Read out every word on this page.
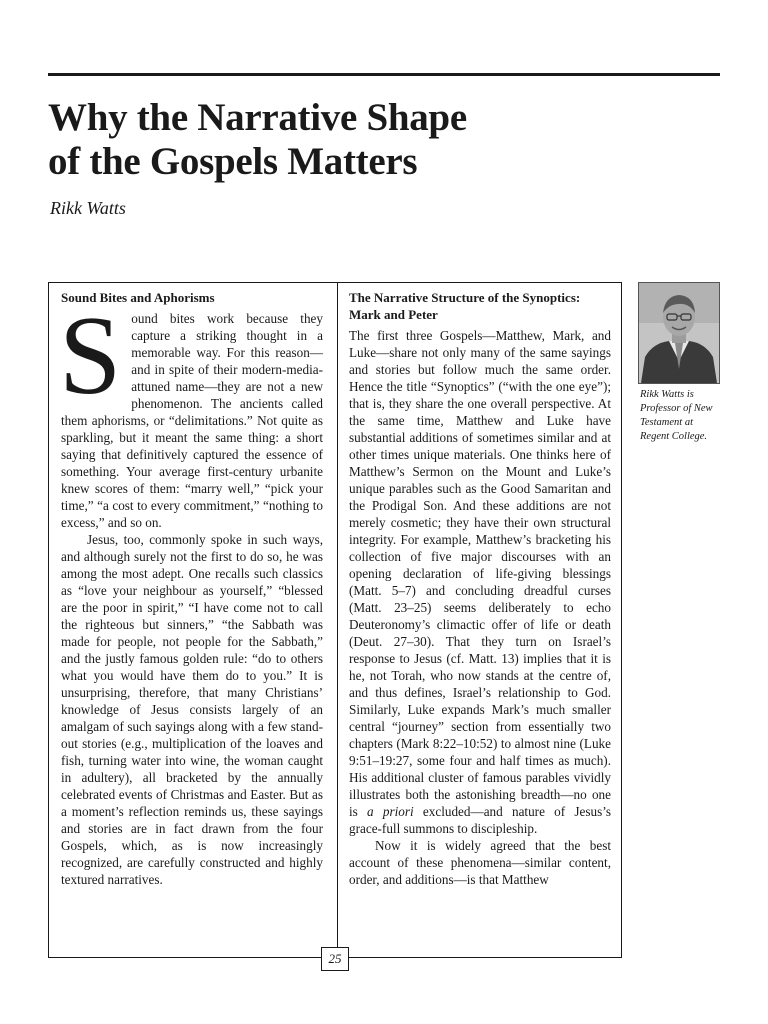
Why the Narrative Shape
of the Gospels Matters

Rikk Watts

Sound Bites and Aphorisms

Sound bites work because they capture a striking thought in a memorable way. For this reason—and in spite of their modern-media-attuned name—they are not a new phenomenon. The ancients called them aphorisms, or “delimitations.” Not quite as sparkling, but it meant the same thing: a short saying that definitively captured the essence of something. Your average first-century urbanite knew scores of them: “marry well,” “pick your time,” “a cost to every commitment,” “nothing to excess,” and so on.

Jesus, too, commonly spoke in such ways, and although surely not the first to do so, he was among the most adept. One recalls such classics as “love your neighbour as yourself,” “blessed are the poor in spirit,” “I have come not to call the righteous but sinners,” “the Sabbath was made for people, not people for the Sabbath,” and the justly famous golden rule: “do to others what you would have them do to you.” It is unsurprising, therefore, that many Christians’ knowledge of Jesus consists largely of an amalgam of such sayings along with a few stand-out stories (e.g., multiplication of the loaves and fish, turning water into wine, the woman caught in adultery), all bracketed by the annually celebrated events of Christmas and Easter. But as a moment’s reflection reminds us, these sayings and stories are in fact drawn from the four Gospels, which, as is now increasingly recognized, are carefully constructed and highly textured narratives.

The Narrative Structure of the Synoptics: Mark and Peter

The first three Gospels—Matthew, Mark, and Luke—share not only many of the same sayings and stories but follow much the same order. Hence the title “Synoptics” (“with the one eye”); that is, they share the one overall perspective. At the same time, Matthew and Luke have substantial additions of sometimes similar and at other times unique materials. One thinks here of Matthew’s Sermon on the Mount and Luke’s unique parables such as the Good Samaritan and the Prodigal Son. And these additions are not merely cosmetic; they have their own structural integrity. For example, Matthew’s bracketing his collection of five major discourses with an opening declaration of life-giving blessings (Matt. 5–7) and concluding dreadful curses (Matt. 23–25) seems deliberately to echo Deuteronomy’s climactic offer of life or death (Deut. 27–30). That they turn on Israel’s response to Jesus (cf. Matt. 13) implies that it is he, not Torah, who now stands at the centre of, and thus defines, Israel’s relationship to God. Similarly, Luke expands Mark’s much smaller central “journey” section from essentially two chapters (Mark 8:22–10:52) to almost nine (Luke 9:51–19:27, some four and half times as much). His additional cluster of famous parables vividly illustrates both the astonishing breadth—no one is a priori excluded—and nature of Jesus’s grace-full summons to discipleship.

Now it is widely agreed that the best account of these phenomena—similar content, order, and additions—is that Matthew

Rikk Watts is Professor of New Testament at Regent College.

25
